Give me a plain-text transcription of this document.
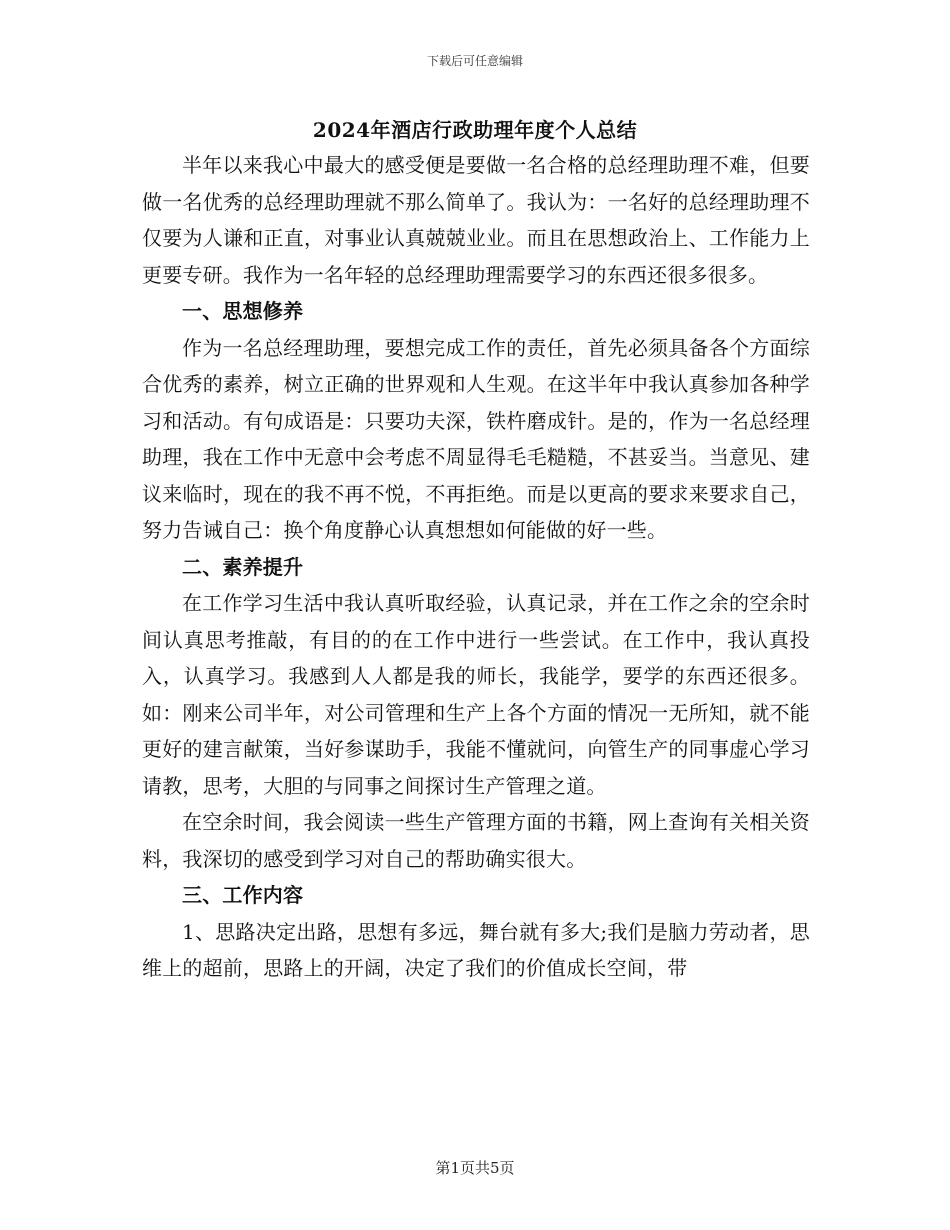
下载后可任意编辑
2024年酒店行政助理年度个人总结

半年以来我心中最大的感受便是要做一名合格的总经理助理不难，但要做一名优秀的总经理助理就不那么简单了。我认为：一名好的总经理助理不仅要为人谦和正直，对事业认真兢兢业业。而且在思想政治上、工作能力上更要专研。我作为一名年轻的总经理助理需要学习的东西还很多很多。

一、思想修养

作为一名总经理助理，要想完成工作的责任，首先必须具备各个方面综合优秀的素养，树立正确的世界观和人生观。在这半年中我认真参加各种学习和活动。有句成语是：只要功夫深，铁杵磨成针。是的，作为一名总经理助理，我在工作中无意中会考虑不周显得毛毛糙糙，不甚妥当。当意见、建议来临时，现在的我不再不悦，不再拒绝。而是以更高的要求来要求自己，努力告诫自己：换个角度静心认真想想如何能做的好一些。

二、素养提升

在工作学习生活中我认真听取经验，认真记录，并在工作之余的空余时间认真思考推敲，有目的的在工作中进行一些尝试。在工作中，我认真投入，认真学习。我感到人人都是我的师长，我能学，要学的东西还很多。如：刚来公司半年，对公司管理和生产上各个方面的情况一无所知，就不能更好的建言献策，当好参谋助手，我能不懂就问，向管生产的同事虚心学习请教，思考，大胆的与同事之间探讨生产管理之道。

在空余时间，我会阅读一些生产管理方面的书籍，网上查询有关相关资料，我深切的感受到学习对自己的帮助确实很大。

三、工作内容

1、思路决定出路，思想有多远，舞台就有多大;我们是脑力劳动者，思维上的超前，思路上的开阔，决定了我们的价值成长空间，带

第1页共5页
